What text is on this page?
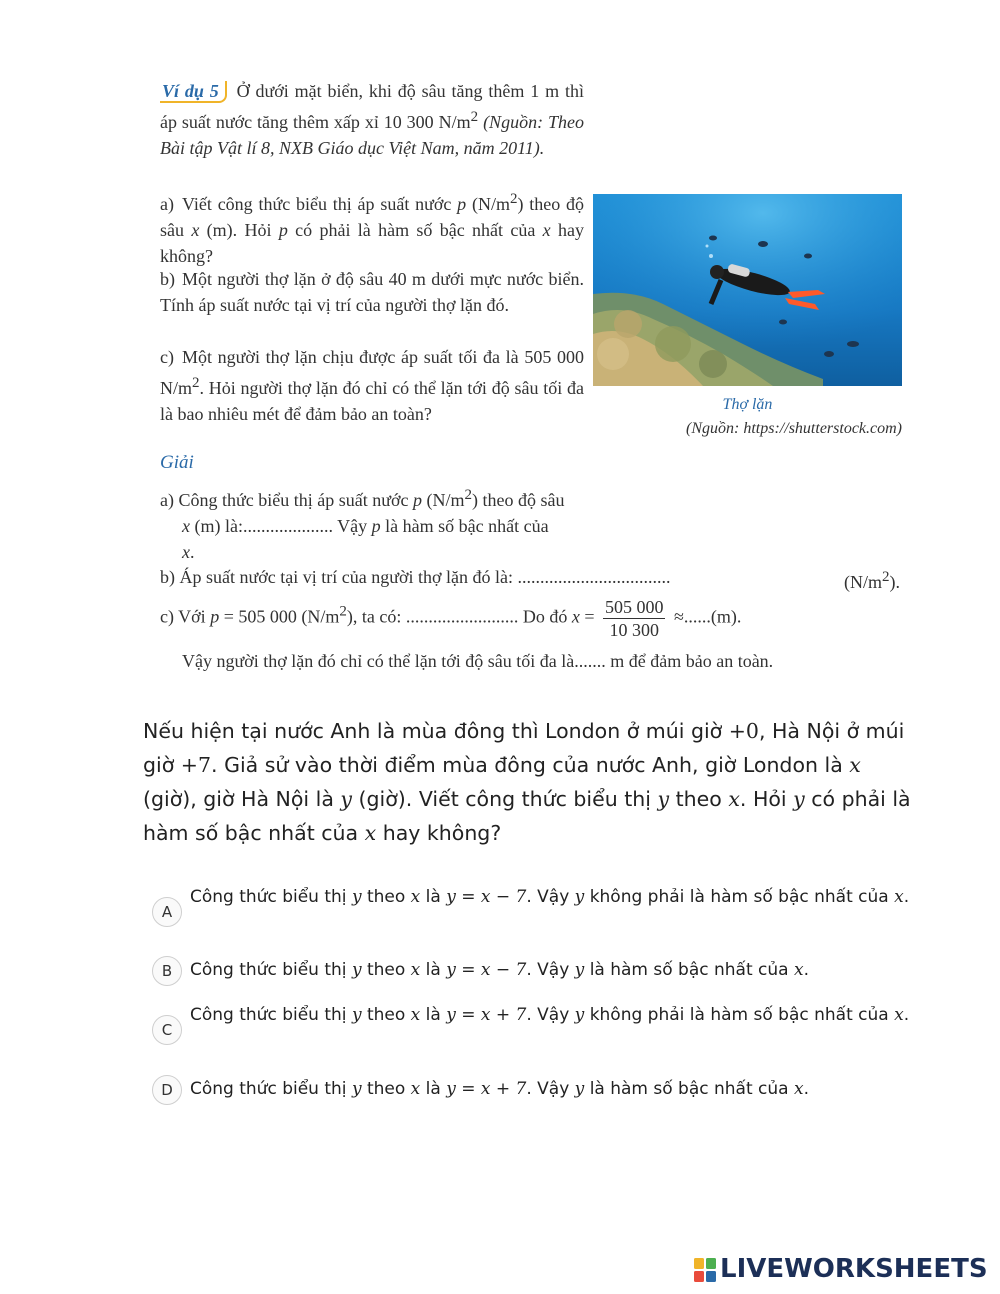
Ví dụ 5 Ở dưới mặt biển, khi độ sâu tăng thêm 1 m thì áp suất nước tăng thêm xấp xỉ 10 300 $N/m^2$ (Nguồn: Theo Bài tập Vật lí 8, NXB Giáo dục Việt Nam, năm 2011).
a) Viết công thức biểu thị áp suất nước p $(N/m^2)$ theo độ sâu x (m). Hỏi p có phải là hàm số bậc nhất của x hay không?
b) Một người thợ lặn ở độ sâu 40 m dưới mực nước biển. Tính áp suất nước tại vị trí của người thợ lặn đó.
c) Một người thợ lặn chịu được áp suất tối đa là 505 000 $N/m^2$. Hỏi người thợ lặn đó chỉ có thể lặn tới độ sâu tối đa là bao nhiêu mét để đảm bảo an toàn?	Thợ lặn
(Nguồn: https://shutterstock.com)
Giải
a) Công thức biểu thị áp suất nước p $(N/m^2)$ theo độ sâu
x (m) là:.................... Vậy p là hàm số bậc nhất của
x.
b) Áp suất nước tại vị trí của người thợ lặn đó là: ..................................	$(N/m^2)$.
c) Với p = 505 000 $(N/m^2)$, ta có: ......................... Do đó $x = \frac{505 000}{10 300} \approx......(m)$.
Vậy người thợ lặn đó chỉ có thể lặn tới độ sâu tối đa là....... m để đảm bảo an toàn.
Nếu hiện tại nước Anh là mùa đông thì London ở múi giờ +0, Hà Nội ở múi giờ +7. Giả sử vào thời điểm mùa đông của nước Anh, giờ London là x (giờ), giờ Hà Nội là y (giờ). Viết công thức biểu thị y theo x. Hỏi y có phải là hàm số bậc nhất của x hay không?
A
Công thức biểu thị y theo x là y = x − 7. Vậy y không phải là hàm số bậc nhất của x.
B	Công thức biểu thị y theo x là y = x − 7. Vậy y là hàm số bậc nhất của x.
C
Công thức biểu thị y theo x là y = x + 7. Vậy y không phải là hàm số bậc nhất của x.
D	Công thức biểu thị y theo x là y = x + 7. Vậy y là hàm số bậc nhất của x.
LIVEWORKSHEETS
